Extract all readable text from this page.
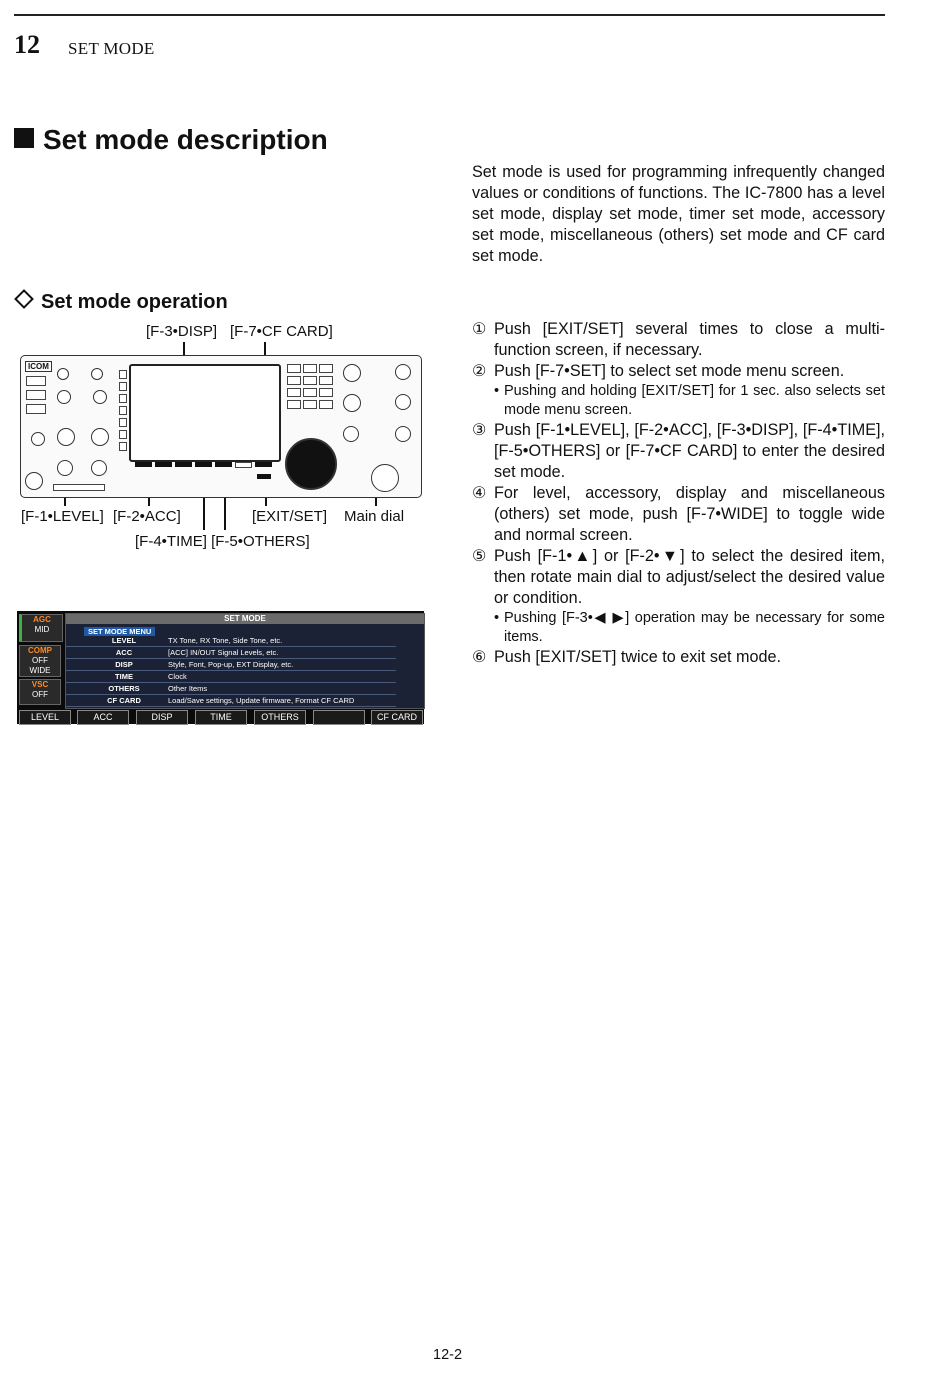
12 SET MODE
Set mode description
Set mode is used for programming infrequently changed values or conditions of functions. The IC-7800 has a level set mode, display set mode, timer set mode, accessory set mode, miscellaneous (others) set mode and CF card set mode.
Set mode operation
[F-3•DISP] [F-7•CF CARD]
[F-1•LEVEL] [F-2•ACC]	[EXIT/SET] Main dial
[F-4•TIME] [F-5•OTHERS]
ICOM
AGC
MID
COMP
OFF
WIDE
VSC
OFF
SET MODE
SET MODE MENU
LEVEL	TX Tone, RX Tone, Side Tone, etc.
ACC	[ACC] IN/OUT Signal Levels, etc.
DISP	Style, Font, Pop-up, EXT Display, etc.
TIME	Clock
OTHERS	Other Items
CF CARD	Load/Save settings, Update firmware, Format CF CARD
LEVEL	ACC	DISP	TIME	OTHERS	CF CARD
① Push [EXIT/SET] several times to close a multi-function screen, if necessary.
② Push [F-7•SET] to select set mode menu screen.
• Pushing and holding [EXIT/SET] for 1 sec. also selects set mode menu screen.
③ Push [F-1•LEVEL], [F-2•ACC], [F-3•DISP], [F-4•TIME], [F-5•OTHERS] or [F-7•CF CARD] to enter the desired set mode.
④ For level, accessory, display and miscellaneous (others) set mode, push [F-7•WIDE] to toggle wide and normal screen.
⑤ Push [F-1•▲] or [F-2•▼] to select the desired item, then rotate main dial to adjust/select the desired value or condition.
• Pushing [F-3•◀ ▶] operation may be necessary for some items.
⑥ Push [EXIT/SET] twice to exit set mode.
12-2
